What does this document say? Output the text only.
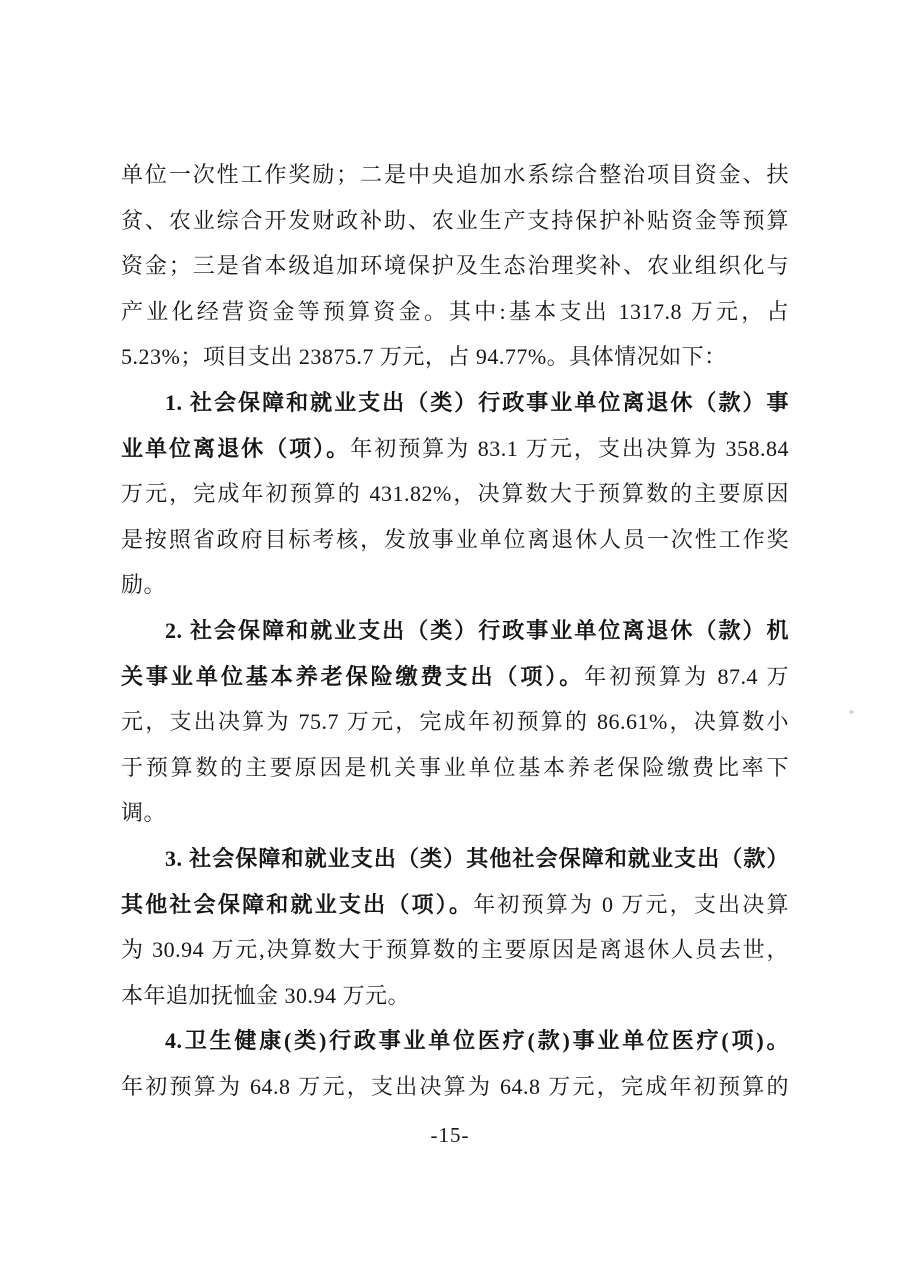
单位一次性工作奖励；二是中央追加水系综合整治项目资金、扶
贫、农业综合开发财政补助、农业生产支持保护补贴资金等预算
资金；三是省本级追加环境保护及生态治理奖补、农业组织化与
产业化经营资金等预算资金。其中:基本支出 1317.8 万元，占
5.23%；项目支出 23875.7 万元，占 94.77%。具体情况如下：
1. 社会保障和就业支出（类）行政事业单位离退休（款）事
业单位离退休（项）。年初预算为 83.1 万元，支出决算为 358.84
万元，完成年初预算的 431.82%，决算数大于预算数的主要原因
是按照省政府目标考核，发放事业单位离退休人员一次性工作奖
励。
2. 社会保障和就业支出（类）行政事业单位离退休（款）机
关事业单位基本养老保险缴费支出（项）。年初预算为 87.4 万
元，支出决算为 75.7 万元，完成年初预算的 86.61%，决算数小
于预算数的主要原因是机关事业单位基本养老保险缴费比率下
调。
3. 社会保障和就业支出（类）其他社会保障和就业支出（款）
其他社会保障和就业支出（项）。年初预算为 0 万元，支出决算
为 30.94 万元,决算数大于预算数的主要原因是离退休人员去世，
本年追加抚恤金 30.94 万元。
4.卫生健康(类)行政事业单位医疗(款)事业单位医疗(项)。
年初预算为 64.8 万元，支出决算为 64.8 万元，完成年初预算的
-15-
